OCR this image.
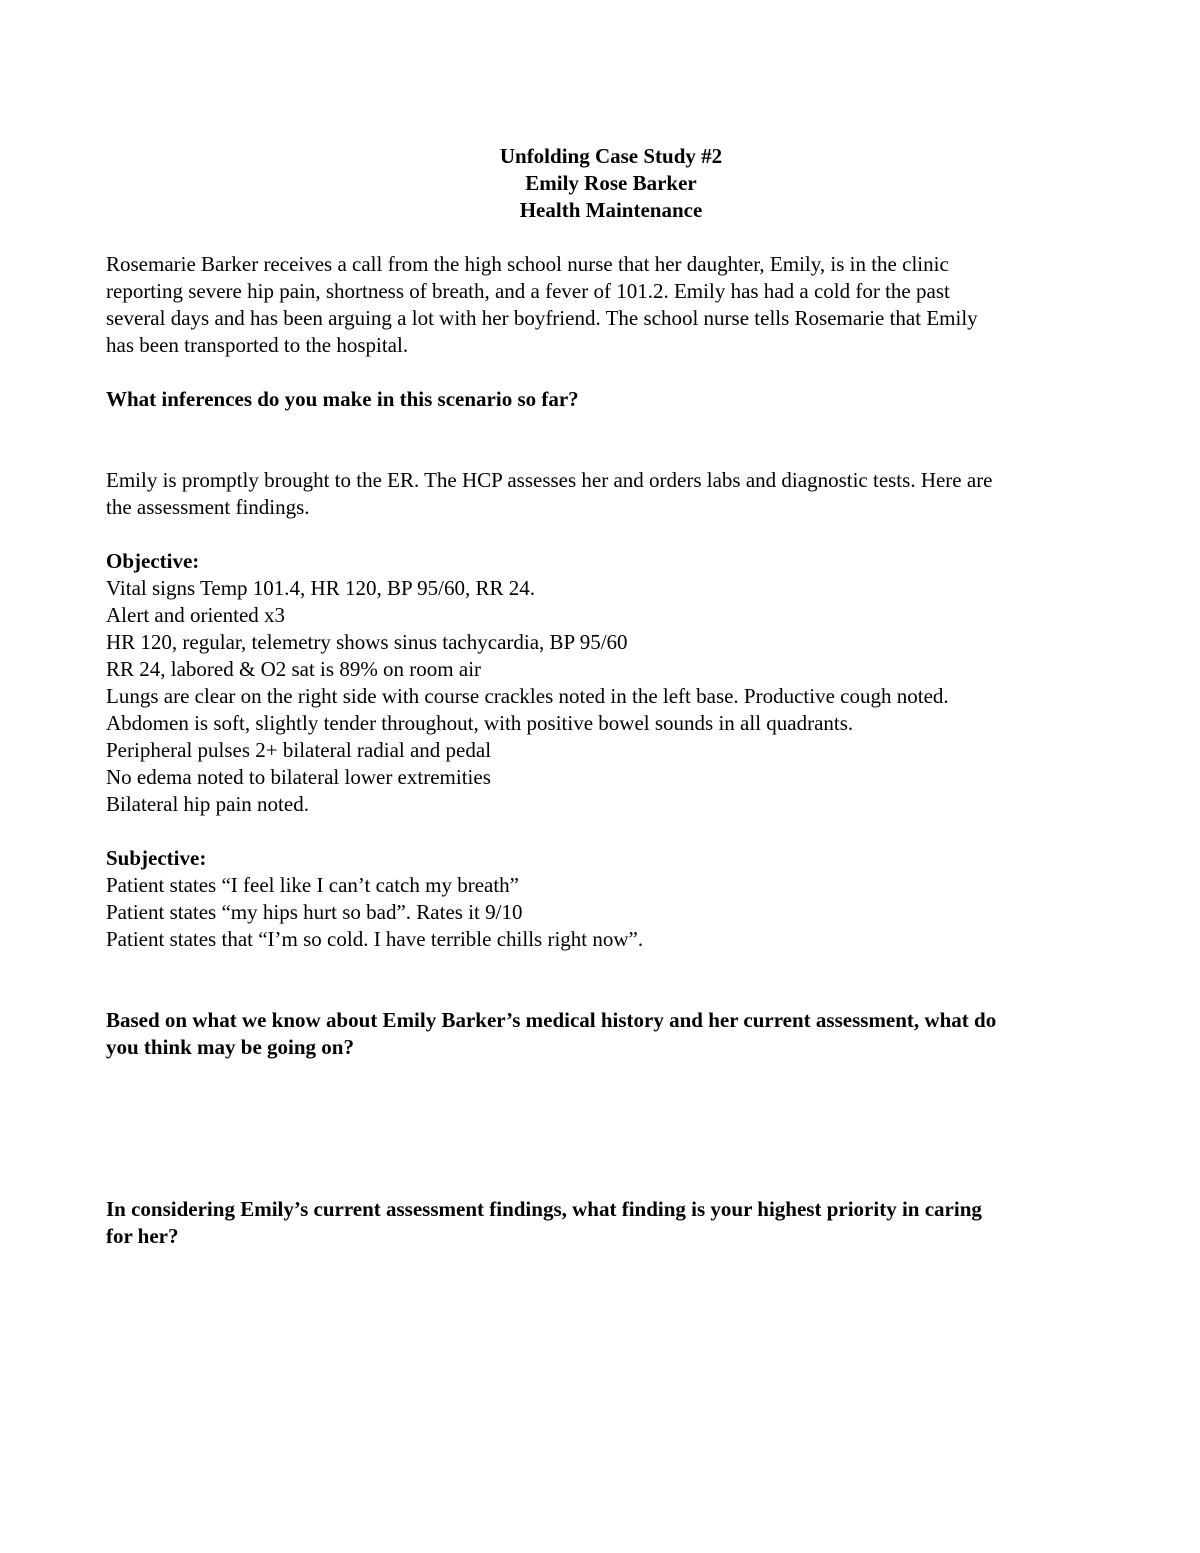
Unfolding Case Study #2
Emily Rose Barker
Health Maintenance

Rosemarie Barker receives a call from the high school nurse that her daughter, Emily, is in the clinic
reporting severe hip pain, shortness of breath, and a fever of 101.2. Emily has had a cold for the past
several days and has been arguing a lot with her boyfriend. The school nurse tells Rosemarie that Emily
has been transported to the hospital.

What inferences do you make in this scenario so far?

Emily is promptly brought to the ER. The HCP assesses her and orders labs and diagnostic tests. Here are
the assessment findings.

Objective:
Vital signs Temp 101.4, HR 120, BP 95/60, RR 24.
Alert and oriented x3
HR 120, regular, telemetry shows sinus tachycardia, BP 95/60
RR 24, labored & O2 sat is 89% on room air
Lungs are clear on the right side with course crackles noted in the left base. Productive cough noted.
Abdomen is soft, slightly tender throughout, with positive bowel sounds in all quadrants.
Peripheral pulses 2+ bilateral radial and pedal
No edema noted to bilateral lower extremities
Bilateral hip pain noted.
Subjective:
Patient states “I feel like I can’t catch my breath”
Patient states “my hips hurt so bad”. Rates it 9/10
Patient states that “I’m so cold. I have terrible chills right now”.

Based on what we know about Emily Barker’s medical history and her current assessment, what do
you think may be going on?

In considering Emily’s current assessment findings, what finding is your highest priority in caring
for her?
